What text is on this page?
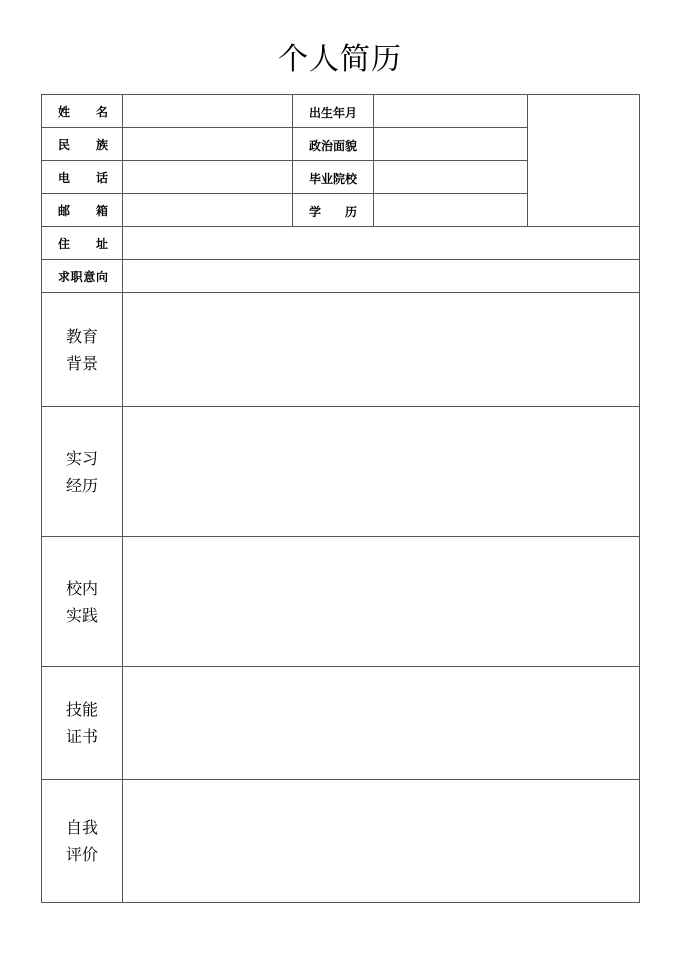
个人简历
姓名		出生年月		
民族		政治面貌		
电话		毕业院校		
邮箱		学历		
住址				
求职意向				

教育
背景				

实习
经历				

校内
实践				

技能
证书				

自我
评价				
